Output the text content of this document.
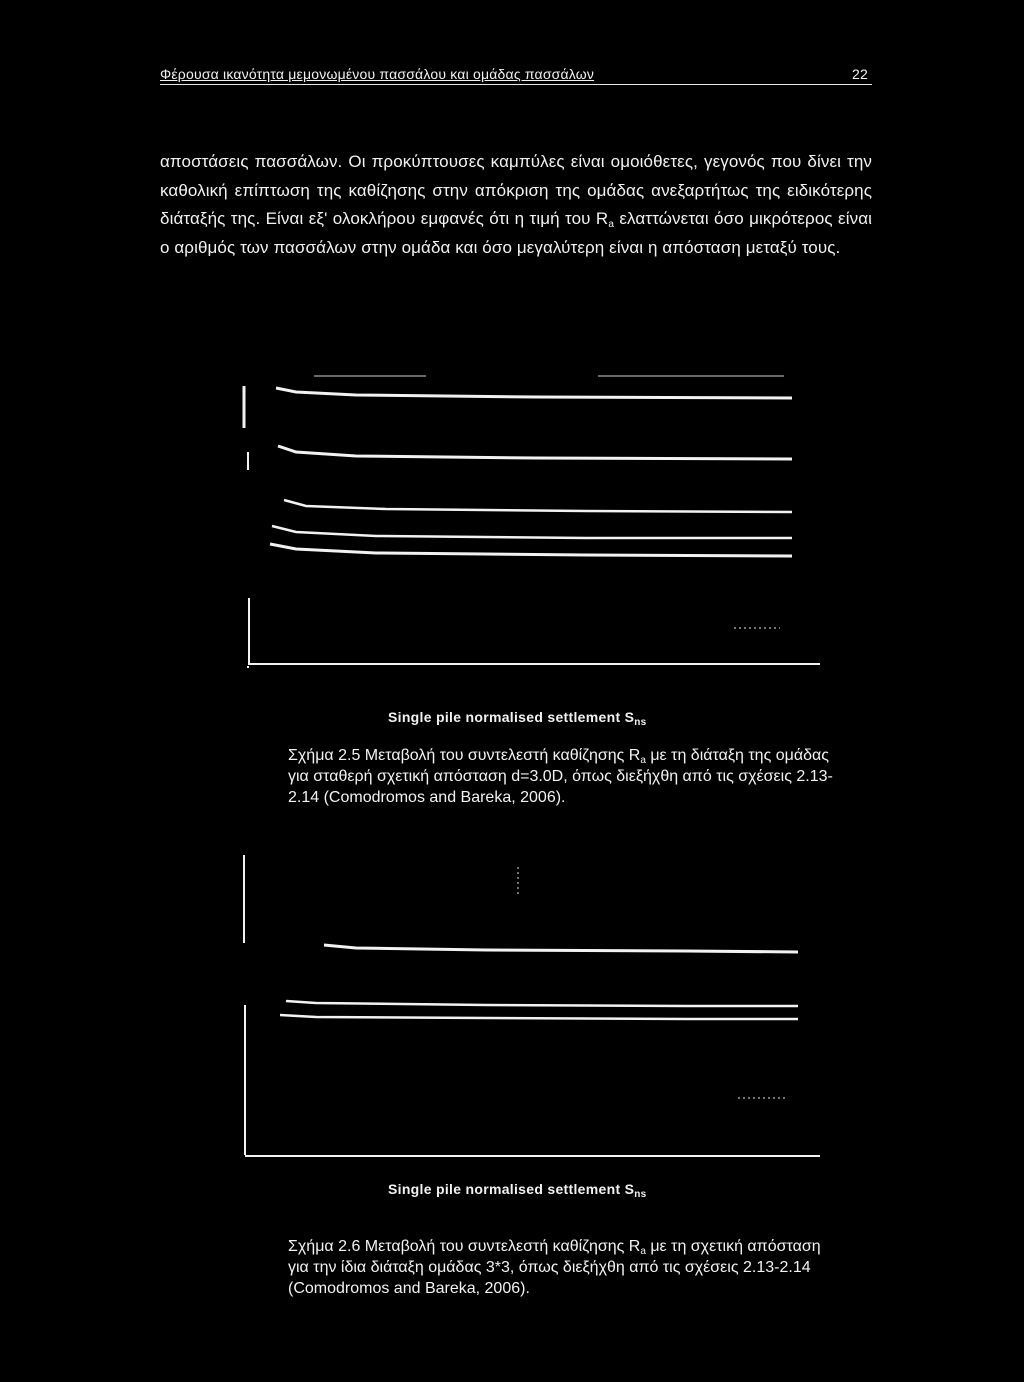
Φέρουσα ικανότητα μεμονωμένου πασσάλου και ομάδας πασσάλων	22

αποστάσεις πασσάλων. Οι προκύπτουσες καμπύλες είναι ομοιόθετες, γεγονός που δίνει την καθολική επίπτωση της καθίζησης στην απόκριση της ομάδας ανεξαρτήτως της ειδικότερης διάταξής της. Είναι εξ' ολοκλήρου εμφανές ότι η τιμή του $R_a$ ελαττώνεται όσο μικρότερος είναι ο αριθμός των πασσάλων στην ομάδα και όσο μεγαλύτερη είναι η απόσταση μεταξύ τους.

Single pile normalised settlement $S_{ns}$
Σχήμα 2.5 Μεταβολή του συντελεστή καθίζησης $R_a$ με τη διάταξη της ομάδας για σταθερή σχετική απόσταση d=3.0D, όπως διεξήχθη από τις σχέσεις 2.13-2.14 (Comodromos and Bareka, 2006).
Single pile normalised settlement $S_{ns}$
Σχήμα 2.6 Μεταβολή του συντελεστή καθίζησης $R_a$ με τη σχετική απόσταση για την ίδια διάταξη ομάδας 3*3, όπως διεξήχθη από τις σχέσεις 2.13-2.14 (Comodromos and Bareka, 2006).
